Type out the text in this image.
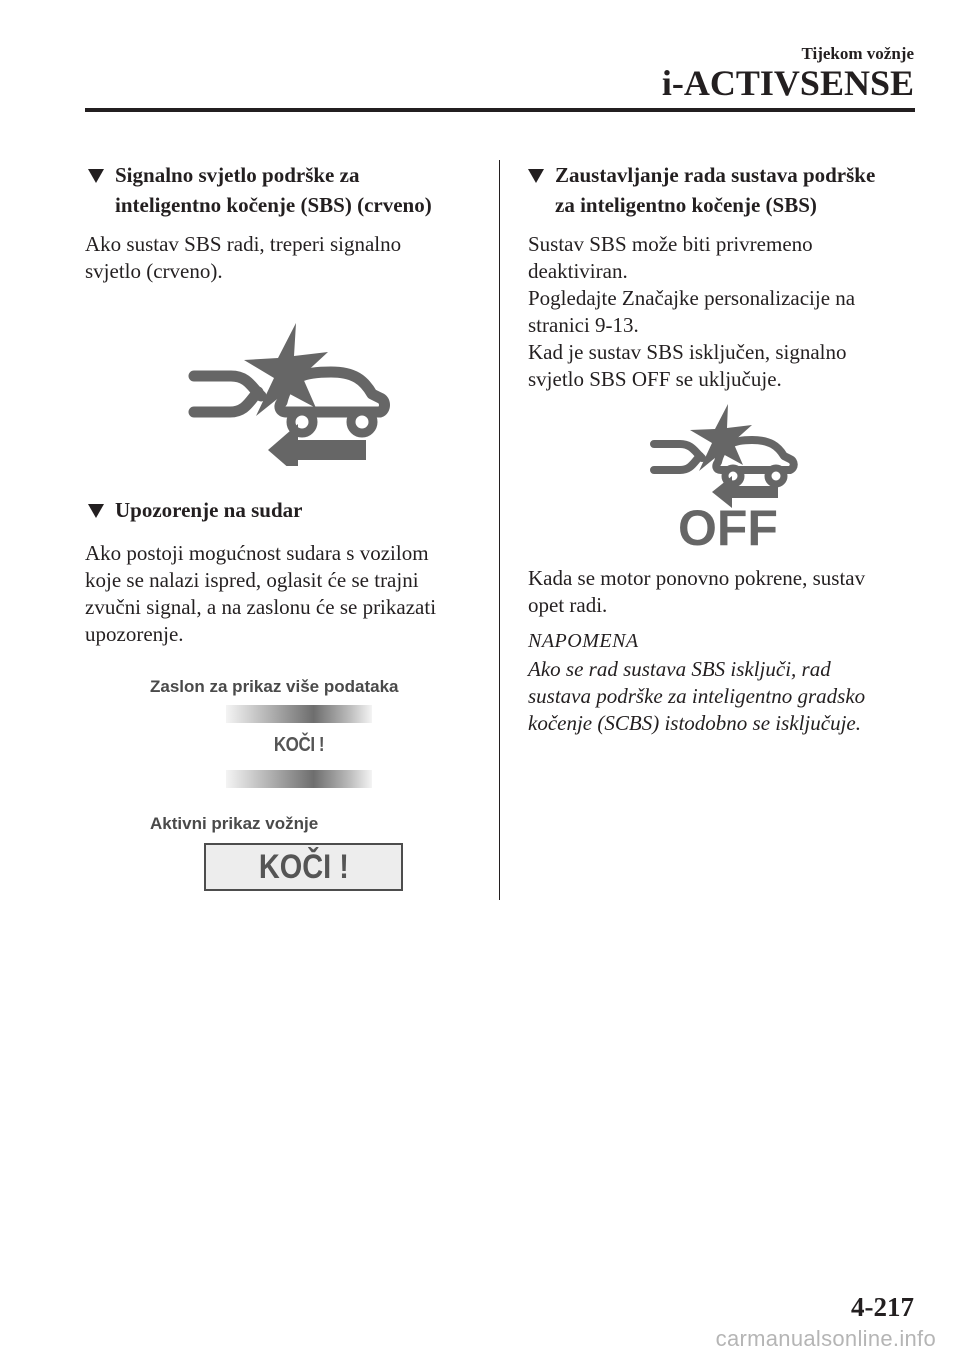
Tijekom vožnje
i-ACTIVSENSE
Signalno svjetlo podrške za
inteligentno kočenje (SBS) (crveno)

Ako sustav SBS radi, treperi signalno

svjetlo (crveno).

Upozorenje na sudar

Ako postoji mogućnost sudara s vozilom

koje se nalazi ispred, oglasit će se trajni

zvučni signal, a na zaslonu će se prikazati

upozorenje.

Zaslon za prikaz više podataka
KOČI !
Aktivni prikaz vožnje
KOČI !
Zaustavljanje rada sustava podrške
za inteligentno kočenje (SBS)

Sustav SBS može biti privremeno

deaktiviran.

Pogledajte Značajke personalizacije na

stranici 9-13.

Kad je sustav SBS isključen, signalno

svjetlo SBS OFF se uključuje.

OFF

Kada se motor ponovno pokrene, sustav

opet radi.

NAPOMENA
Ako se rad sustava SBS isključi, rad
sustava podrške za inteligentno gradsko
kočenje (SCBS) istodobno se isključuje.
4-217
carmanualsonline.info
